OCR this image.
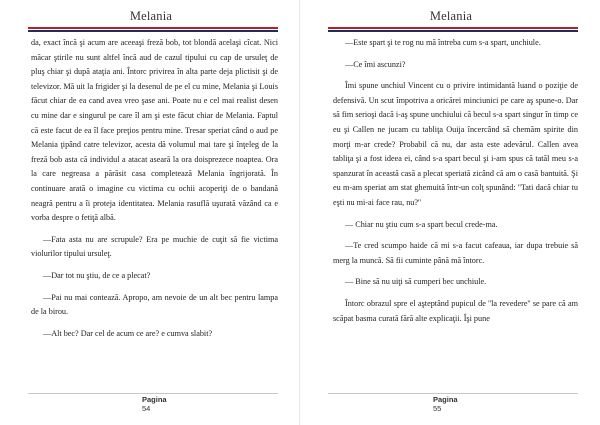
Melania

da, exact încă şi acum are aceeaşi freză bob, tot blondă acelaşi cîcat. Nici măcar ştirile nu sunt altfel încă aud de cazul tipului cu cap de ursuleţ de pluş chiar şi după ataţia ani. Întorc privirea în alta parte deja plictisit şi de televizor. Mă uit la frigider şi la desenul de pe el cu mine, Melania şi Louis făcut chiar de ea cand avea vreo şase ani. Poate nu e cel mai realist desen cu mine dar e singurul pe care îl am şi este făcut chiar de Melania. Faptul că este facut de ea îl face preţios pentru mine. Tresar speriat când o aud pe Melania ţipând catre televizor, acesta dă volumul mai tare şi înţeleg de la freză bob asta că individul a atacat aseară la ora doisprezece noaptea. Ora la care negreasa a părăsit casa completează Melania îngrijorată. În continuare arată o imagine cu victima cu ochii acoperiţi de o bandană neagră pentru a îi proteja identitatea. Melania rasuflă uşurată văzând ca e vorba despre o fetiţă albă.

—Fata asta nu are scrupule? Era pe muchie de cuţit să fie victima violurilor tipului ursuleţ.

—Dar tot nu ştiu, de ce a plecat?

—Pai nu mai contează. Apropo, am nevoie de un alt bec pentru lampa de la birou.

—Alt bec? Dar cel de acum ce are? e cumva slabit?

Pagina
54
Melania

—Este spart şi te rog nu mă întreba cum s-a spart, unchiule.

—Ce îmi ascunzi?

Îmi spune unchiul Vincent cu o privire intimidantă luand o poziţie de defensivă. Un scut împotriva a oricărei minciunici pe care aş spune-o. Dar să fim serioşi dacă i-aş spune unchiului că becul s-a spart singur în timp ce eu şi Callen ne jucam cu tabliţa Ouija încercând să chemăm spirite din morţi m-ar crede? Probabil că nu, dar asta este adevărul. Callen avea tabliţa şi a fost ideea ei, când s-a spart becul şi i-am spus că tatăl meu s-a spanzurat în această casă a plecat speriată zicând că am o casă bantuită. Şi eu m-am speriat am stat ghemuită într-un colţ spunând: ''Tati dacă chiar tu eşti nu mi-ai face rau, nu?''

— Chiar nu ştiu cum s-a spart becul crede-ma.

—Te cred scumpo haide că mi s-a facut cafeaua, iar dupa trebuie să merg la muncă. Să fii cuminte până mă întorc.

— Bine să nu uiţi să cumperi bec unchiule.

Întorc obrazul spre el aşteptând pupicul de ''la revedere'' se pare că am scăpat basma curată fără alte explicaţii. Îşi pune

Pagina
55
